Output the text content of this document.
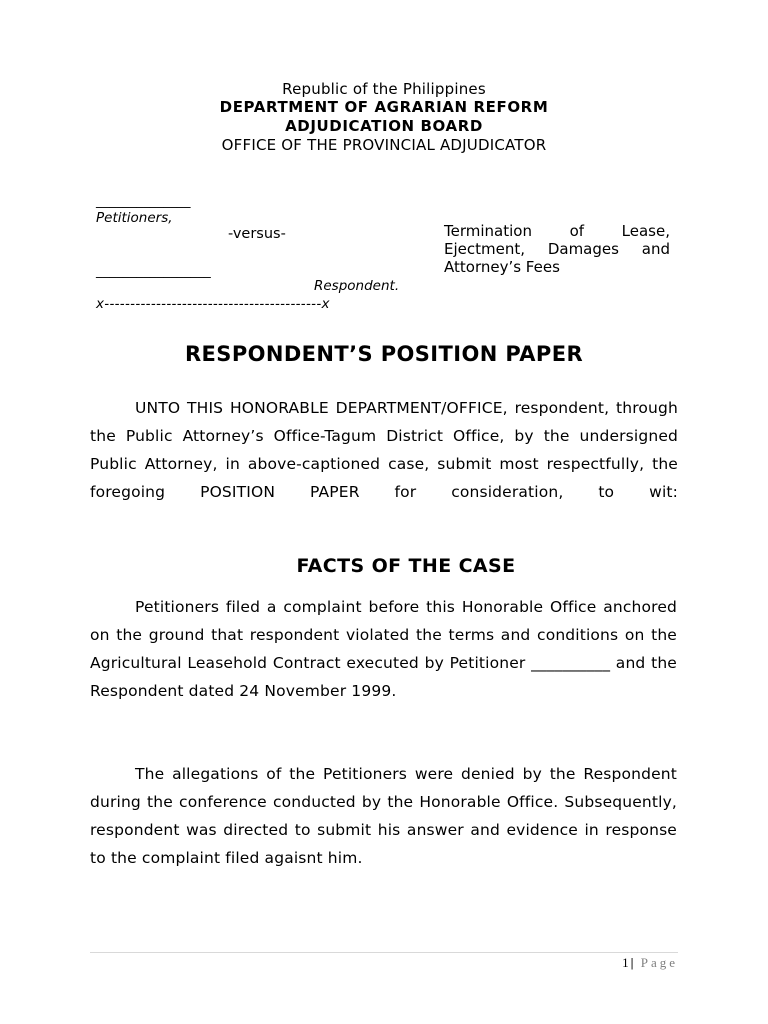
Republic of the Philippines
DEPARTMENT OF AGRARIAN REFORM
ADJUDICATION BOARD
OFFICE OF THE PROVINCIAL ADJUDICATOR
______________
Petitioners,
-versus-
_________________
Respondent.
x------------------------------------------x
Termination of Lease, Ejectment, Damages and Attorney’s Fees
RESPONDENT’S POSITION PAPER
UNTO THIS HONORABLE DEPARTMENT/OFFICE, respondent, through the Public Attorney’s Office-Tagum District Office, by the undersigned Public Attorney, in above-captioned case, submit most respectfully, the foregoing POSITION PAPER for consideration, to wit:
FACTS OF THE CASE
Petitioners filed a complaint before this Honorable Office anchored on the ground that respondent violated the terms and conditions on the Agricultural Leasehold Contract executed by Petitioner __________ and the Respondent dated 24 November 1999.
The allegations of the Petitioners were denied by the Respondent during the conference conducted by the Honorable Office. Subsequently, respondent was directed to submit his answer and evidence in response to the complaint filed agaisnt him.
1| Page
